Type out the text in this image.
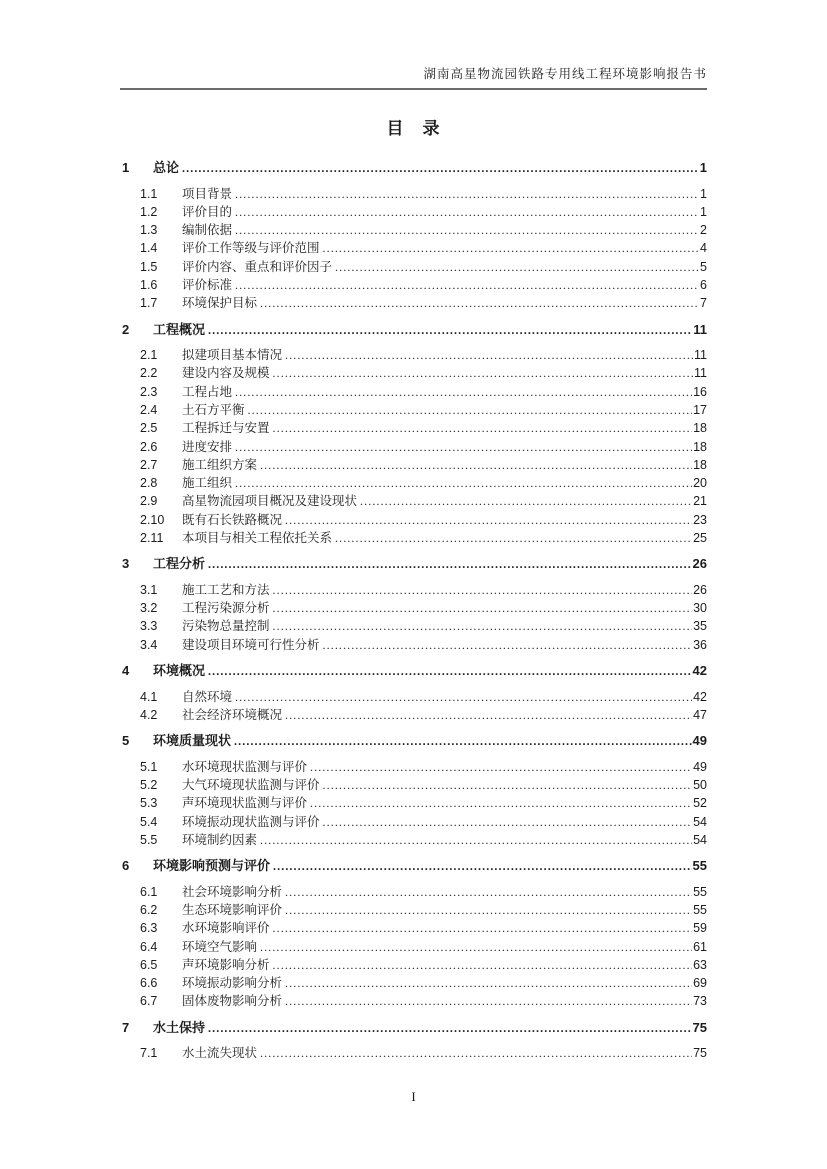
湖南高星物流园铁路专用线工程环境影响报告书
目　录
1	总论 .....	1
1.1	项目背景 .....	1
1.2	评价目的 .....	1
1.3	编制依据 .....	2
1.4	评价工作等级与评价范围 .....	4
1.5	评价内容、重点和评价因子 .....	5
1.6	评价标准 .....	6
1.7	环境保护目标 .....	7
2	工程概况 .....	11
2.1	拟建项目基本情况 .....	11
2.2	建设内容及规模 .....	11
2.3	工程占地 .....	16
2.4	土石方平衡 .....	17
2.5	工程拆迁与安置 .....	18
2.6	进度安排 .....	18
2.7	施工组织方案 .....	18
2.8	施工组织 .....	20
2.9	高星物流园项目概况及建设现状 .....	21
2.10	既有石长铁路概况 .....	23
2.11	本项目与相关工程依托关系 .....	25
3	工程分析 .....	26
3.1	施工工艺和方法 .....	26
3.2	工程污染源分析 .....	30
3.3	污染物总量控制 .....	35
3.4	建设项目环境可行性分析 .....	36
4	环境概况 .....	42
4.1	自然环境 .....	42
4.2	社会经济环境概况 .....	47
5	环境质量现状 .....	49
5.1	水环境现状监测与评价 .....	49
5.2	大气环境现状监测与评价 .....	50
5.3	声环境现状监测与评价 .....	52
5.4	环境振动现状监测与评价 .....	54
5.5	环境制约因素 .....	54
6	环境影响预测与评价 .....	55
6.1	社会环境影响分析 .....	55
6.2	生态环境影响评价 .....	55
6.3	水环境影响评价 .....	59
6.4	环境空气影响 .....	61
6.5	声环境影响分析 .....	63
6.6	环境振动影响分析 .....	69
6.7	固体废物影响分析 .....	73
7	水土保持 .....	75
7.1	水土流失现状 .....	75
I
